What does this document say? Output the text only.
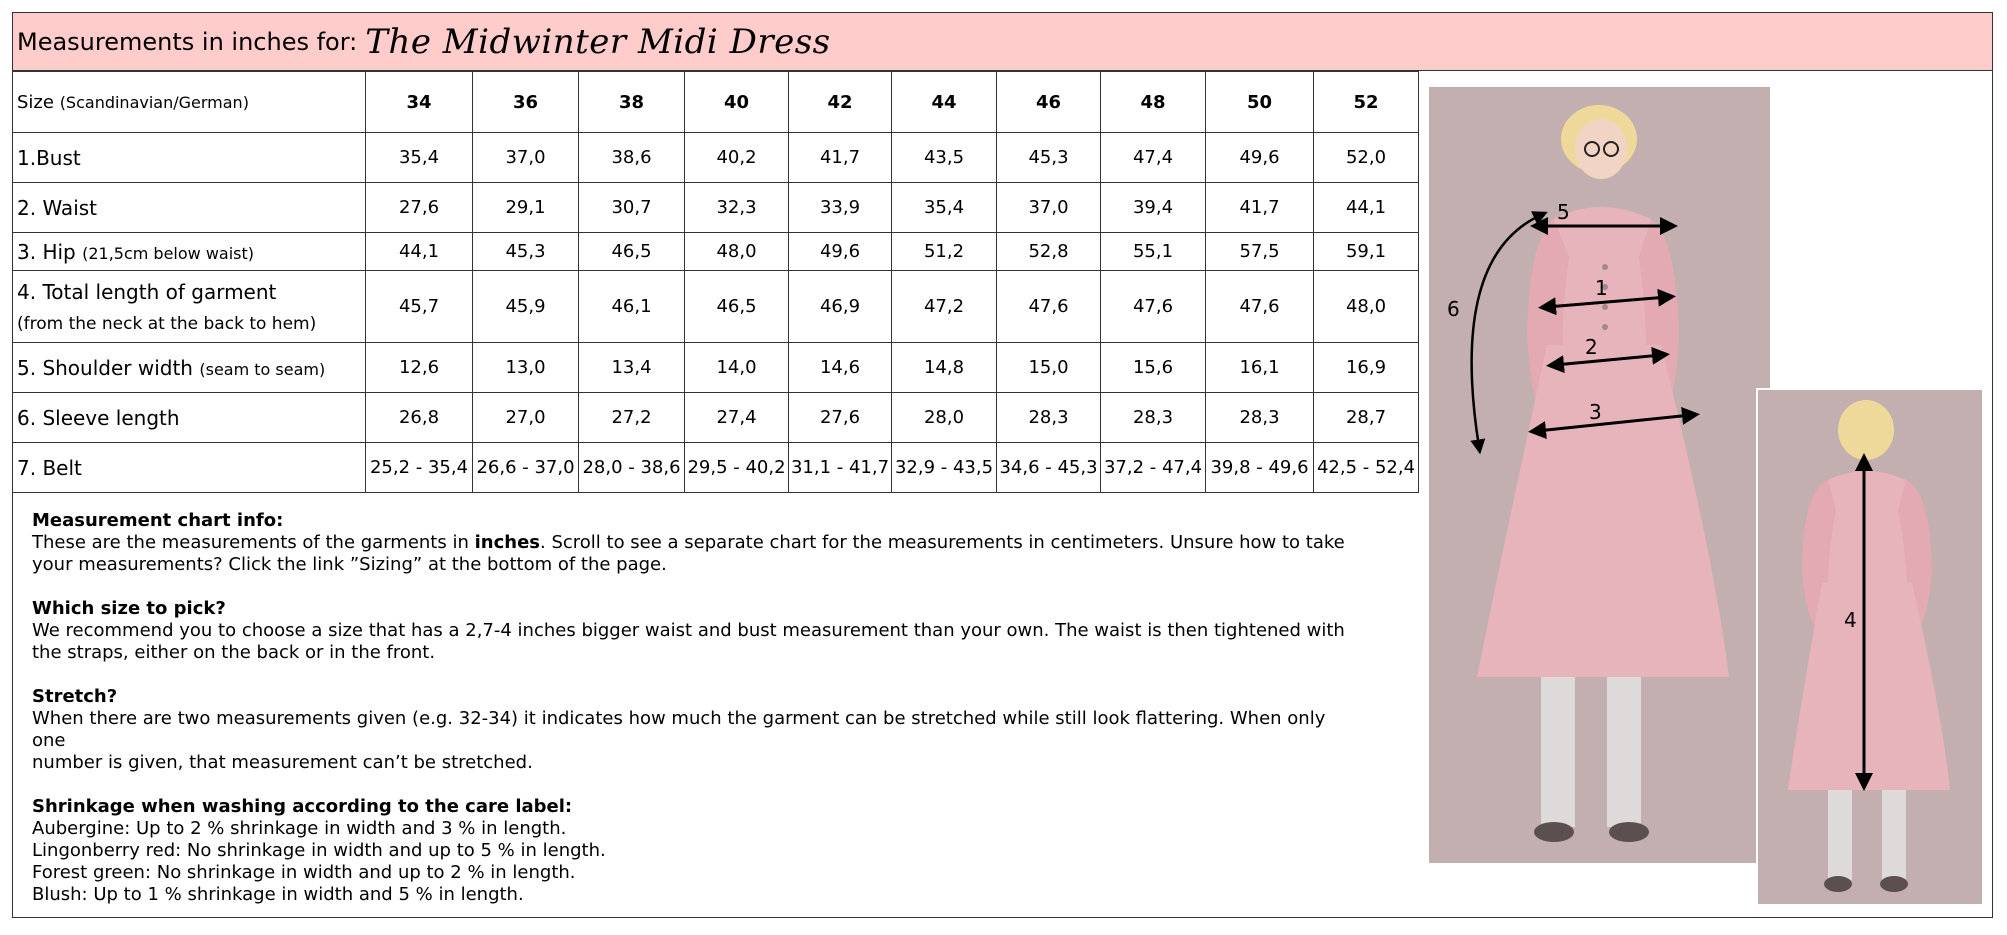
Measurements in inches for: The Midwinter Midi Dress
Size (Scandinavian/German)	34	36	38	40	42	44	46	48	50	52
1.Bust	35,4	37,0	38,6	40,2	41,7	43,5	45,3	47,4	49,6	52,0
2. Waist	27,6	29,1	30,7	32,3	33,9	35,4	37,0	39,4	41,7	44,1
3. Hip (21,5cm below waist)	44,1	45,3	46,5	48,0	49,6	51,2	52,8	55,1	57,5	59,1
4. Total length of garment
(from the neck at the back to hem)	45,7	45,9	46,1	46,5	46,9	47,2	47,6	47,6	47,6	48,0
5. Shoulder width (seam to seam)	12,6	13,0	13,4	14,0	14,6	14,8	15,0	15,6	16,1	16,9
6. Sleeve length	26,8	27,0	27,2	27,4	27,6	28,0	28,3	28,3	28,3	28,7
7. Belt	25,2 - 35,4	26,6 - 37,0	28,0 - 38,6	29,5 - 40,2	31,1 - 41,7	32,9 - 43,5	34,6 - 45,3	37,2 - 47,4	39,8 - 49,6	42,5 - 52,4

Measurement chart info:
These are the measurements of the garments in inches. Scroll to see a separate chart for the measurements in centimeters. Unsure how to take
your measurements? Click the link ”Sizing” at the bottom of the page.

Which size to pick?
We recommend you to choose a size that has a 2,7-4 inches bigger waist and bust measurement than your own. The waist is then tightened with
the straps, either on the back or in the front.

Stretch?
When there are two measurements given (e.g. 32-34) it indicates how much the garment can be stretched while still look flattering. When only one
number is given, that measurement can’t be stretched.

Shrinkage when washing according to the care label:
Aubergine: Up to 2 % shrinkage in width and 3 % in length.
Lingonberry red: No shrinkage in width and up to 5 % in length.
Forest green: No shrinkage in width and up to 2 % in length.
Blush: Up to 1 % shrinkage in width and 5 % in length.

5
1
2
3
6
4
